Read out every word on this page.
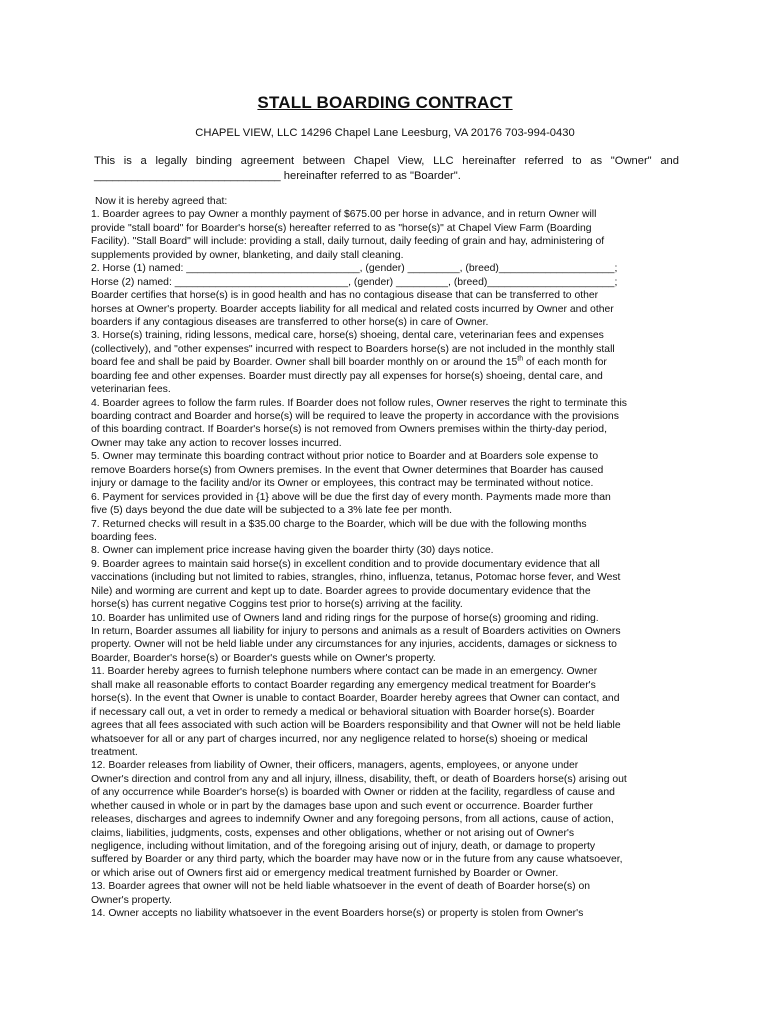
STALL BOARDING CONTRACT
CHAPEL VIEW, LLC 14296 Chapel Lane Leesburg, VA 20176 703-994-0430
This is a legally binding agreement between Chapel View, LLC hereinafter referred to as "Owner" and
______________________________ hereinafter referred to as "Boarder".
Now it is hereby agreed that:
1. Boarder agrees to pay Owner a monthly payment of $675.00 per horse in advance, and in return Owner will
provide "stall board" for Boarder's horse(s) hereafter referred to as "horse(s)" at Chapel View Farm (Boarding
Facility). "Stall Board" will include: providing a stall, daily turnout, daily feeding of grain and hay, administering of
supplements provided by owner, blanketing, and daily stall cleaning.
2. Horse (1) named: ______________________________, (gender) _________, (breed)____________________;
Horse (2) named: ______________________________, (gender) _________, (breed)______________________;
Boarder certifies that horse(s) is in good health and has no contagious disease that can be transferred to other
horses at Owner's property. Boarder accepts liability for all medical and related costs incurred by Owner and other
boarders if any contagious diseases are transferred to other horse(s) in care of Owner.
3. Horse(s) training, riding lessons, medical care, horse(s) shoeing, dental care, veterinarian fees and expenses
(collectively), and "other expenses" incurred with respect to Boarders horse(s) are not included in the monthly stall
board fee and shall be paid by Boarder. Owner shall bill boarder monthly on or around the 15th of each month for
boarding fee and other expenses. Boarder must directly pay all expenses for horse(s) shoeing, dental care, and
veterinarian fees.
4. Boarder agrees to follow the farm rules. If Boarder does not follow rules, Owner reserves the right to terminate this
boarding contract and Boarder and horse(s) will be required to leave the property in accordance with the provisions
of this boarding contract. If Boarder's horse(s) is not removed from Owners premises within the thirty-day period,
Owner may take any action to recover losses incurred.
5. Owner may terminate this boarding contract without prior notice to Boarder and at Boarders sole expense to
remove Boarders horse(s) from Owners premises. In the event that Owner determines that Boarder has caused
injury or damage to the facility and/or its Owner or employees, this contract may be terminated without notice.
6. Payment for services provided in {1} above will be due the first day of every month. Payments made more than
five (5) days beyond the due date will be subjected to a 3% late fee per month.
7. Returned checks will result in a $35.00 charge to the Boarder, which will be due with the following months
boarding fees.
8. Owner can implement price increase having given the boarder thirty (30) days notice.
9. Boarder agrees to maintain said horse(s) in excellent condition and to provide documentary evidence that all
vaccinations (including but not limited to rabies, strangles, rhino, influenza, tetanus, Potomac horse fever, and West
Nile) and worming are current and kept up to date. Boarder agrees to provide documentary evidence that the
horse(s) has current negative Coggins test prior to horse(s) arriving at the facility.
10. Boarder has unlimited use of Owners land and riding rings for the purpose of horse(s) grooming and riding.
In return, Boarder assumes all liability for injury to persons and animals as a result of Boarders activities on Owners
property. Owner will not be held liable under any circumstances for any injuries, accidents, damages or sickness to
Boarder, Boarder's horse(s) or Boarder's guests while on Owner's property.
11. Boarder hereby agrees to furnish telephone numbers where contact can be made in an emergency. Owner
shall make all reasonable efforts to contact Boarder regarding any emergency medical treatment for Boarder's
horse(s). In the event that Owner is unable to contact Boarder, Boarder hereby agrees that Owner can contact, and
if necessary call out, a vet in order to remedy a medical or behavioral situation with Boarder horse(s). Boarder
agrees that all fees associated with such action will be Boarders responsibility and that Owner will not be held liable
whatsoever for all or any part of charges incurred, nor any negligence related to horse(s) shoeing or medical
treatment.
12. Boarder releases from liability of Owner, their officers, managers, agents, employees, or anyone under
Owner's direction and control from any and all injury, illness, disability, theft, or death of Boarders horse(s) arising out
of any occurrence while Boarder's horse(s) is boarded with Owner or ridden at the facility, regardless of cause and
whether caused in whole or in part by the damages base upon and such event or occurrence. Boarder further
releases, discharges and agrees to indemnify Owner and any foregoing persons, from all actions, cause of action,
claims, liabilities, judgments, costs, expenses and other obligations, whether or not arising out of Owner's
negligence, including without limitation, and of the foregoing arising out of injury, death, or damage to property
suffered by Boarder or any third party, which the boarder may have now or in the future from any cause whatsoever,
or which arise out of Owners first aid or emergency medical treatment furnished by Boarder or Owner.
13. Boarder agrees that owner will not be held liable whatsoever in the event of death of Boarder horse(s) on
Owner's property.
14. Owner accepts no liability whatsoever in the event Boarders horse(s) or property is stolen from Owner's
